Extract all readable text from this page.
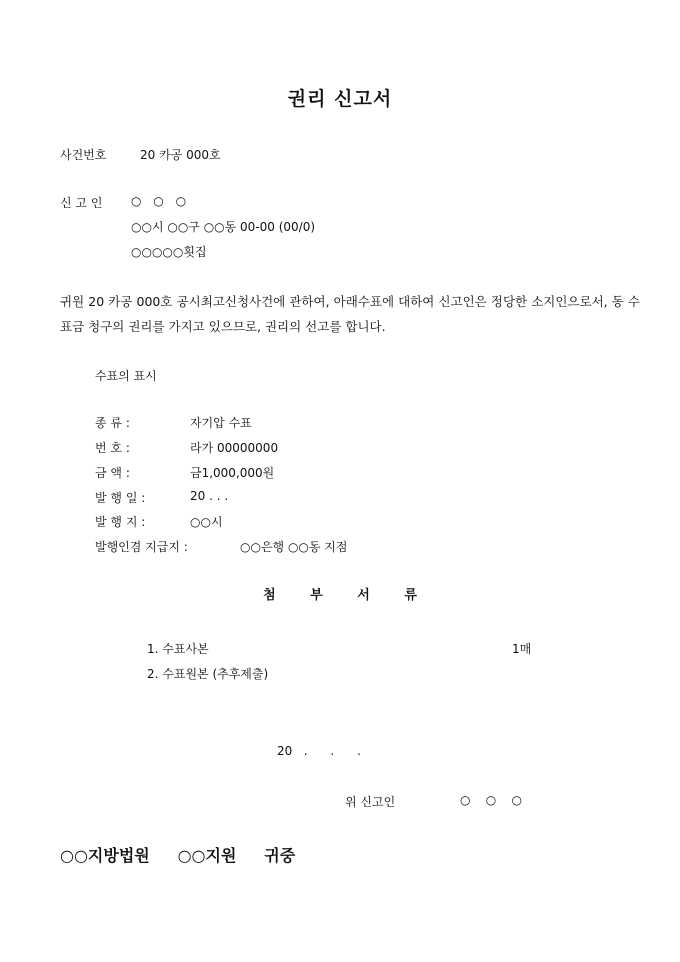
권리 신고서
사건번호	20 카공 000호
신 고 인 ○ ○ ○
○○시 ○○구 ○○동 00-00 (00/0)
○○○○○횟집
귀원 20 카공 000호 공시최고신청사건에 관하여, 아래수표에 대하여 신고인은 정당한 소지인으로서, 동 수표금 청구의 권리를 가지고 있으므로, 권리의 선고를 합니다.
수표의 표시
종 류 :	자기압 수표
번 호 :	라가 00000000
금 액 :	금1,000,000원
발 행 일 :	20 . . .
발 행 지 :	○○시
발행인겸 지급지 :	○○은행 ○○동 지점
첨 부 서 류
1. 수표사본	1매
2. 수표원본 (추후제출)
20   .      .      .
위 신고인	○    ○    ○
○○지방법원     ○○지원     귀중
